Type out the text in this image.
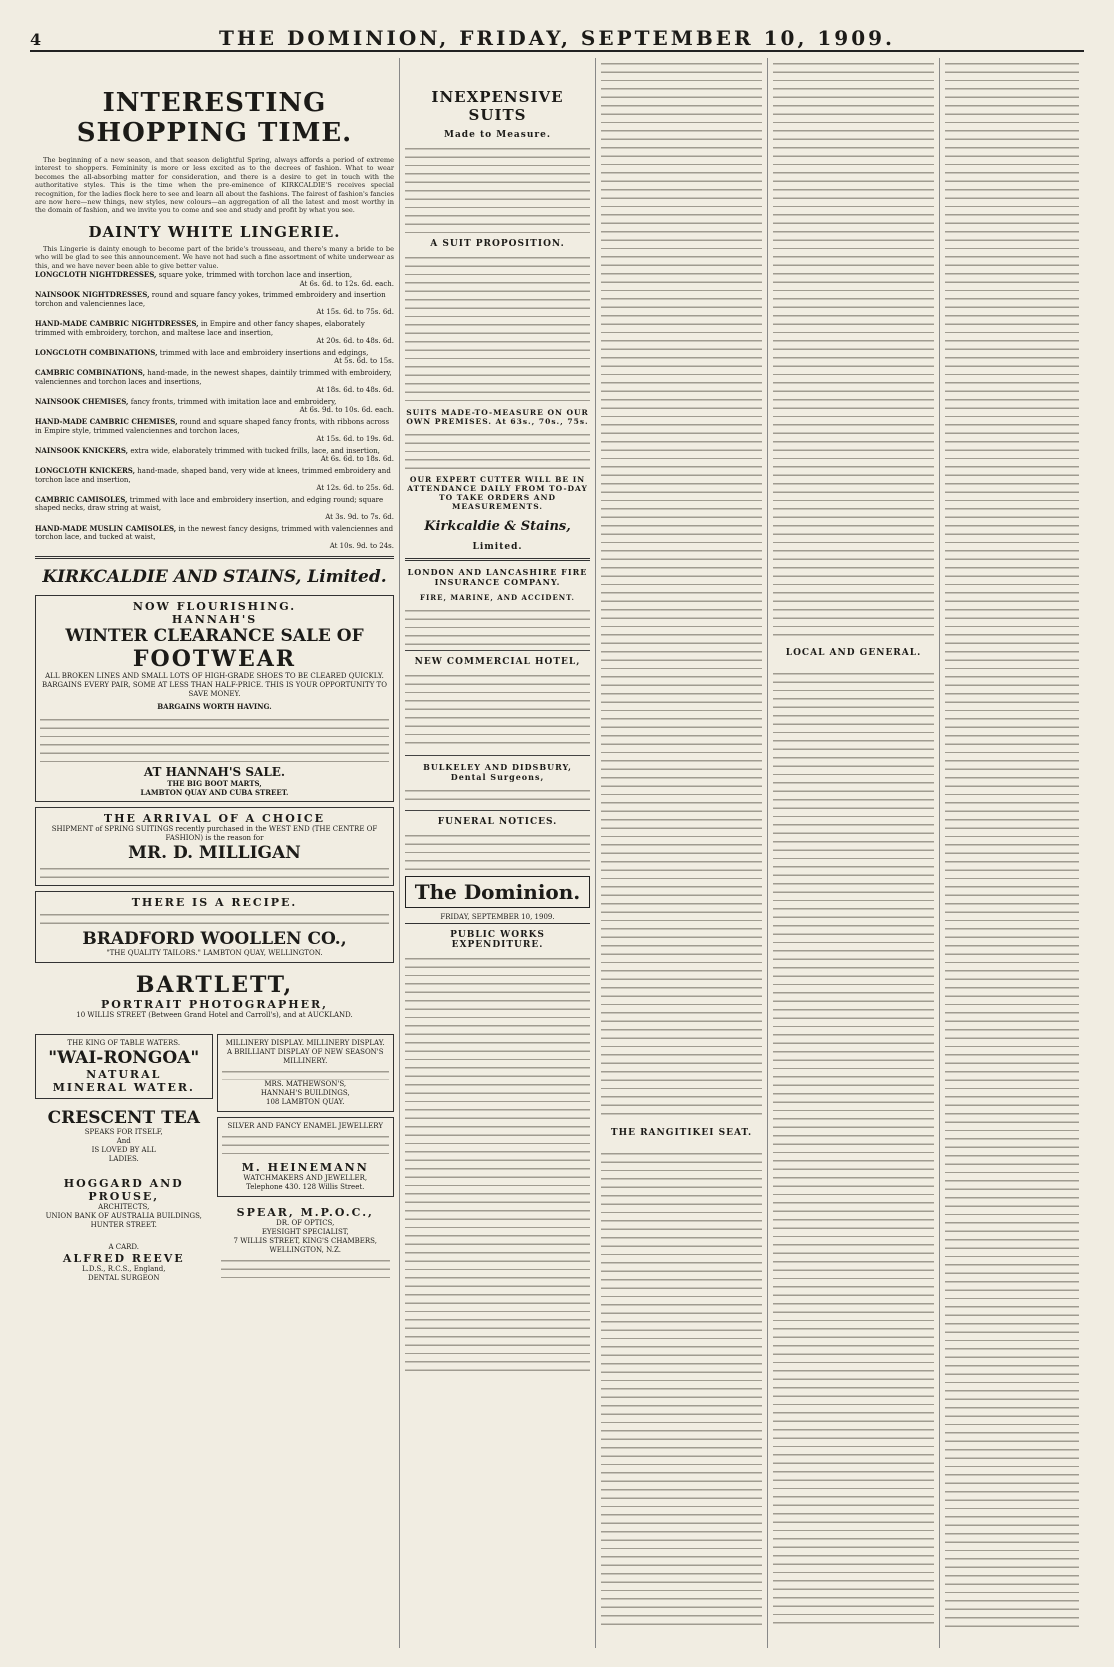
4	THE DOMINION, FRIDAY, SEPTEMBER 10, 1909.
INTERESTING SHOPPING TIME.

The beginning of a new season, and that season delightful Spring, always affords a period of extreme interest to shoppers. Femininity is more or less excited as to the decrees of fashion. What to wear becomes the all-absorbing matter for consideration, and there is a desire to get in touch with the authoritative styles. This is the time when the pre-eminence of KIRKCALDIE'S receives special recognition, for the ladies flock here to see and learn all about the fashions. The fairest of fashion's fancies are now here—new things, new styles, new colours—an aggregation of all the latest and most worthy in the domain of fashion, and we invite you to come and see and study and profit by what you see.

DAINTY WHITE LINGERIE.

This Lingerie is dainty enough to become part of the bride's trousseau, and there's many a bride to be who will be glad to see this announcement. We have not had such a fine assortment of white underwear as this, and we have never been able to give better value.

LONGCLOTH NIGHTDRESSES, square yoke, trimmed with torchon lace and insertion,
At 6s. 6d. to 12s. 6d. each.
NAINSOOK NIGHTDRESSES, round and square fancy yokes, trimmed embroidery and insertion torchon and valenciennes lace,
At 15s. 6d. to 75s. 6d.
HAND-MADE CAMBRIC NIGHTDRESSES, in Empire and other fancy shapes, elaborately trimmed with embroidery, torchon, and maltese lace and insertion,
At 20s. 6d. to 48s. 6d.
LONGCLOTH COMBINATIONS, trimmed with lace and embroidery insertions and edgings,
At 5s. 6d. to 15s.
CAMBRIC COMBINATIONS, hand-made, in the newest shapes, daintily trimmed with embroidery, valenciennes and torchon laces and insertions,
At 18s. 6d. to 48s. 6d.
NAINSOOK CHEMISES, fancy fronts, trimmed with imitation lace and embroidery,
At 6s. 9d. to 10s. 6d. each.
HAND-MADE CAMBRIC CHEMISES, round and square shaped fancy fronts, with ribbons across in Empire style, trimmed valenciennes and torchon laces,
At 15s. 6d. to 19s. 6d.
NAINSOOK KNICKERS, extra wide, elaborately trimmed with tucked frills, lace, and insertion,
At 6s. 6d. to 18s. 6d.
LONGCLOTH KNICKERS, hand-made, shaped band, very wide at knees, trimmed embroidery and torchon lace and insertion,
At 12s. 6d. to 25s. 6d.
CAMBRIC CAMISOLES, trimmed with lace and embroidery insertion, and edging round; square shaped necks, draw string at waist,
At 3s. 9d. to 7s. 6d.
HAND-MADE MUSLIN CAMISOLES, in the newest fancy designs, trimmed with valenciennes and torchon lace, and tucked at waist,
At 10s. 9d. to 24s.
KIRKCALDIE AND STAINS, Limited.
NOW FLOURISHING.
HANNAH'S
WINTER CLEARANCE SALE OF
FOOTWEAR
ALL BROKEN LINES AND SMALL LOTS OF HIGH-GRADE SHOES TO BE CLEARED QUICKLY. BARGAINS EVERY PAIR, SOME AT LESS THAN HALF-PRICE. THIS IS YOUR OPPORTUNITY TO SAVE MONEY.
BARGAINS WORTH HAVING.
AT HANNAH'S SALE.
THE BIG BOOT MARTS,
LAMBTON QUAY AND CUBA STREET.
THE ARRIVAL OF A CHOICE
SHIPMENT of SPRING SUITINGS recently purchased in the WEST END (THE CENTRE OF FASHION) is the reason for
MR. D. MILLIGAN
THERE IS A RECIPE.
BRADFORD WOOLLEN CO.,
"THE QUALITY TAILORS." LAMBTON QUAY, WELLINGTON.
BARTLETT,
PORTRAIT PHOTOGRAPHER,
10 WILLIS STREET (Between Grand Hotel and Carroll's), and at AUCKLAND.
THE KING OF TABLE WATERS.
"WAI-RONGOA"
NATURAL
MINERAL WATER.
CRESCENT TEA
SPEAKS FOR ITSELF,
And
IS LOVED BY ALL
LADIES.
HOGGARD AND PROUSE,
ARCHITECTS,
UNION BANK OF AUSTRALIA BUILDINGS,
HUNTER STREET.
A CARD.
ALFRED REEVE
L.D.S., R.C.S., England,
DENTAL SURGEON
MILLINERY DISPLAY. MILLINERY DISPLAY.
A BRILLIANT DISPLAY OF NEW SEASON'S MILLINERY.
MRS. MATHEWSON'S,
HANNAH'S BUILDINGS,
108 LAMBTON QUAY.
SILVER AND FANCY ENAMEL JEWELLERY
M. HEINEMANN
WATCHMAKERS AND JEWELLER,
Telephone 430. 128 Willis Street.
SPEAR, M.P.O.C.,
DR. OF OPTICS,
EYESIGHT SPECIALIST,
7 WILLIS STREET, KING'S CHAMBERS, WELLINGTON, N.Z.
INEXPENSIVE SUITS
Made to Measure.
A SUIT PROPOSITION.
SUITS MADE-TO-MEASURE ON OUR OWN PREMISES. At 63s., 70s., 75s.
OUR EXPERT CUTTER WILL BE IN ATTENDANCE DAILY FROM TO-DAY TO TAKE ORDERS AND MEASUREMENTS.
Kirkcaldie & Stains,
Limited.
LONDON AND LANCASHIRE FIRE INSURANCE COMPANY.
FIRE, MARINE, AND ACCIDENT.
NEW COMMERCIAL HOTEL,
BULKELEY AND DIDSBURY, Dental Surgeons,
FUNERAL NOTICES.
The Dominion.
FRIDAY, SEPTEMBER 10, 1909.
PUBLIC WORKS EXPENDITURE.
THE RANGITIKEI SEAT.
LOCAL AND GENERAL.
